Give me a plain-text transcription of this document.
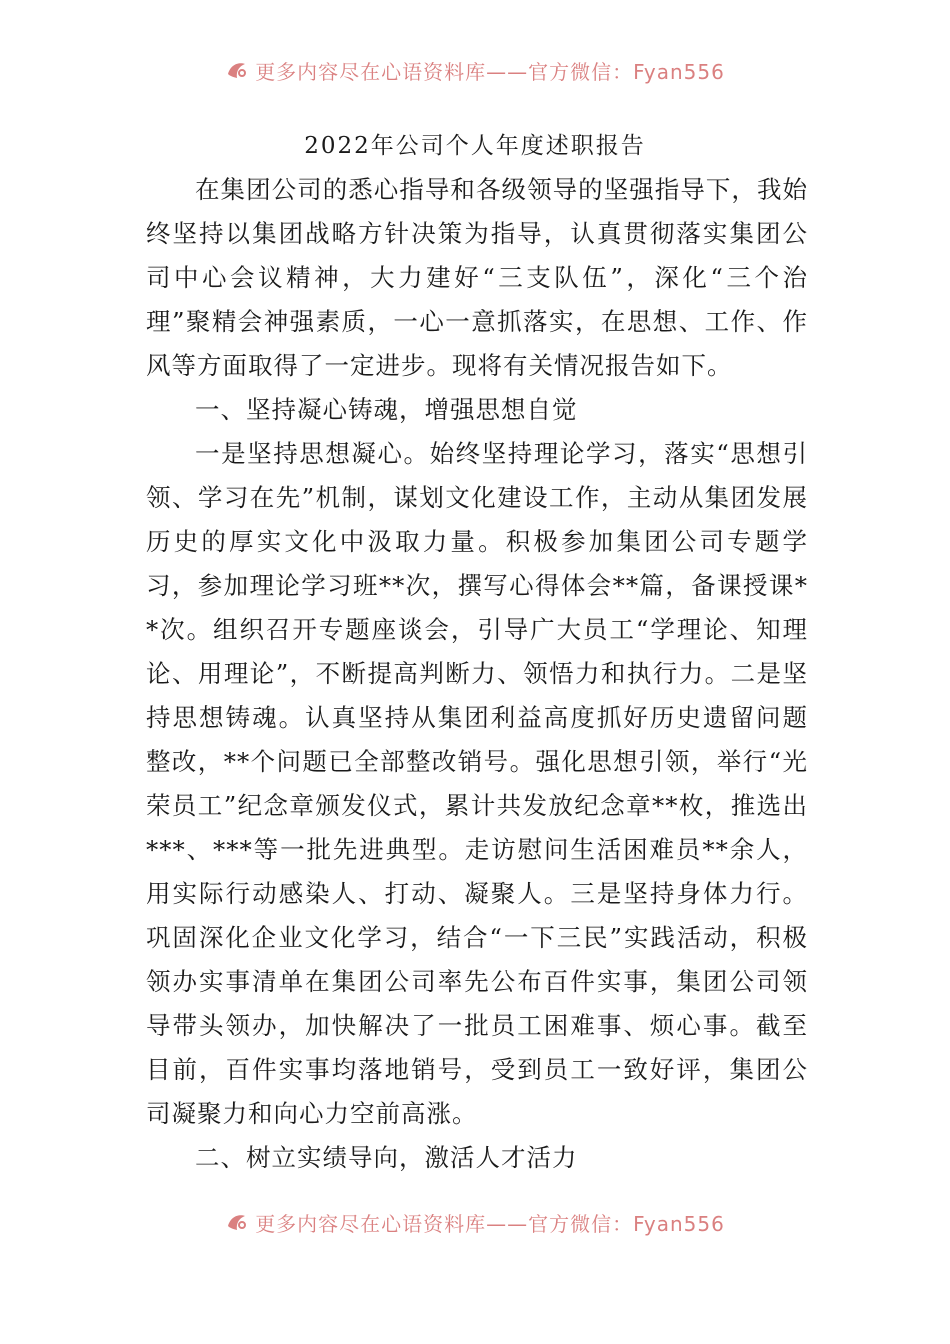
更多内容尽在心语资料库——官方微信：Fyan556
2022年公司个人年度述职报告

在集团公司的悉心指导和各级领导的坚强指导下，我始终坚持以集团战略方针决策为指导，认真贯彻落实集团公司中心会议精神，大力建好“三支队伍”，深化“三个治理”聚精会神强素质，一心一意抓落实，在思想、工作、作风等方面取得了一定进步。现将有关情况报告如下。

一、坚持凝心铸魂，增强思想自觉

一是坚持思想凝心。始终坚持理论学习，落实“思想引领、学习在先”机制，谋划文化建设工作，主动从集团发展历史的厚实文化中汲取力量。积极参加集团公司专题学习，参加理论学习班**次，撰写心得体会**篇，备课授课**次。组织召开专题座谈会，引导广大员工“学理论、知理论、用理论”，不断提高判断力、领悟力和执行力。二是坚持思想铸魂。认真坚持从集团利益高度抓好历史遗留问题整改，**个问题已全部整改销号。强化思想引领，举行“光荣员工”纪念章颁发仪式，累计共发放纪念章**枚，推选出***、***等一批先进典型。走访慰问生活困难员**余人，用实际行动感染人、打动、凝聚人。三是坚持身体力行。巩固深化企业文化学习，结合“一下三民”实践活动，积极领办实事清单在集团公司率先公布百件实事，集团公司领导带头领办，加快解决了一批员工困难事、烦心事。截至目前，百件实事均落地销号，受到员工一致好评，集团公司凝聚力和向心力空前高涨。

二、树立实绩导向，激活人才活力

更多内容尽在心语资料库——官方微信：Fyan556
